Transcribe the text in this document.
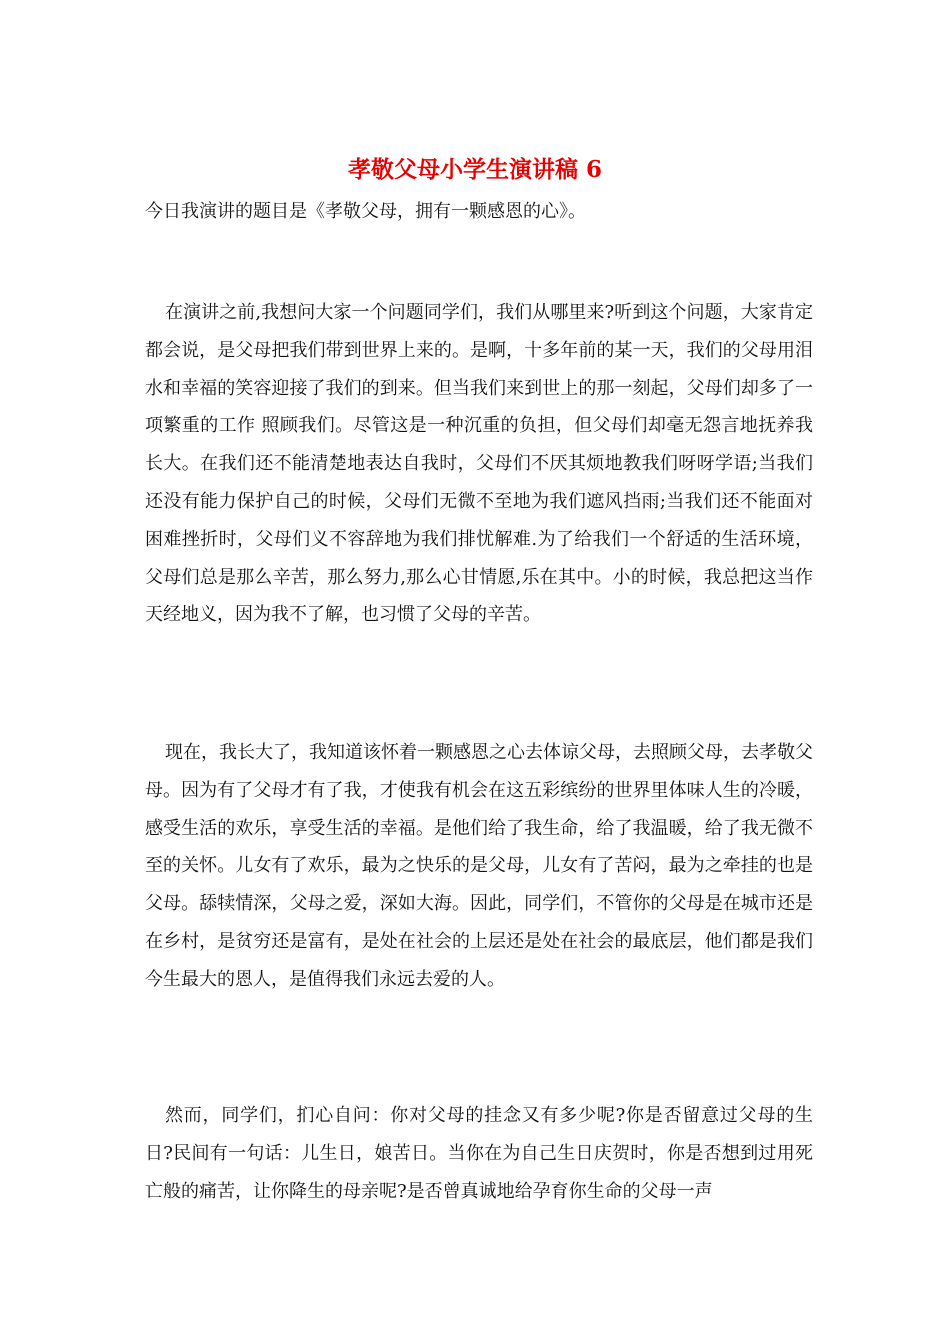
孝敬父母小学生演讲稿 6

今日我演讲的题目是《孝敬父母，拥有一颗感恩的心》。

在演讲之前,我想问大家一个问题同学们，我们从哪里来?听到这个问题，大家肯定都会说，是父母把我们带到世界上来的。是啊，十多年前的某一天，我们的父母用泪水和幸福的笑容迎接了我们的到来。但当我们来到世上的那一刻起，父母们却多了一项繁重的工作 照顾我们。尽管这是一种沉重的负担，但父母们却毫无怨言地抚养我长大。在我们还不能清楚地表达自我时，父母们不厌其烦地教我们呀呀学语;当我们还没有能力保护自己的时候，父母们无微不至地为我们遮风挡雨;当我们还不能面对困难挫折时，父母们义不容辞地为我们排忧解难.为了给我们一个舒适的生活环境，父母们总是那么辛苦，那么努力,那么心甘情愿,乐在其中。小的时候，我总把这当作天经地义，因为我不了解，也习惯了父母的辛苦。

现在，我长大了，我知道该怀着一颗感恩之心去体谅父母，去照顾父母，去孝敬父母。因为有了父母才有了我，才使我有机会在这五彩缤纷的世界里体味人生的冷暖，感受生活的欢乐，享受生活的幸福。是他们给了我生命，给了我温暖，给了我无微不至的关怀。儿女有了欢乐，最为之快乐的是父母，儿女有了苦闷，最为之牵挂的也是父母。舔犊情深，父母之爱，深如大海。因此，同学们，不管你的父母是在城市还是在乡村，是贫穷还是富有，是处在社会的上层还是处在社会的最底层，他们都是我们今生最大的恩人，是值得我们永远去爱的人。

然而，同学们，扪心自问：你对父母的挂念又有多少呢?你是否留意过父母的生日?民间有一句话：儿生日，娘苦日。当你在为自己生日庆贺时，你是否想到过用死亡般的痛苦，让你降生的母亲呢?是否曾真诚地给孕育你生命的父母一声
